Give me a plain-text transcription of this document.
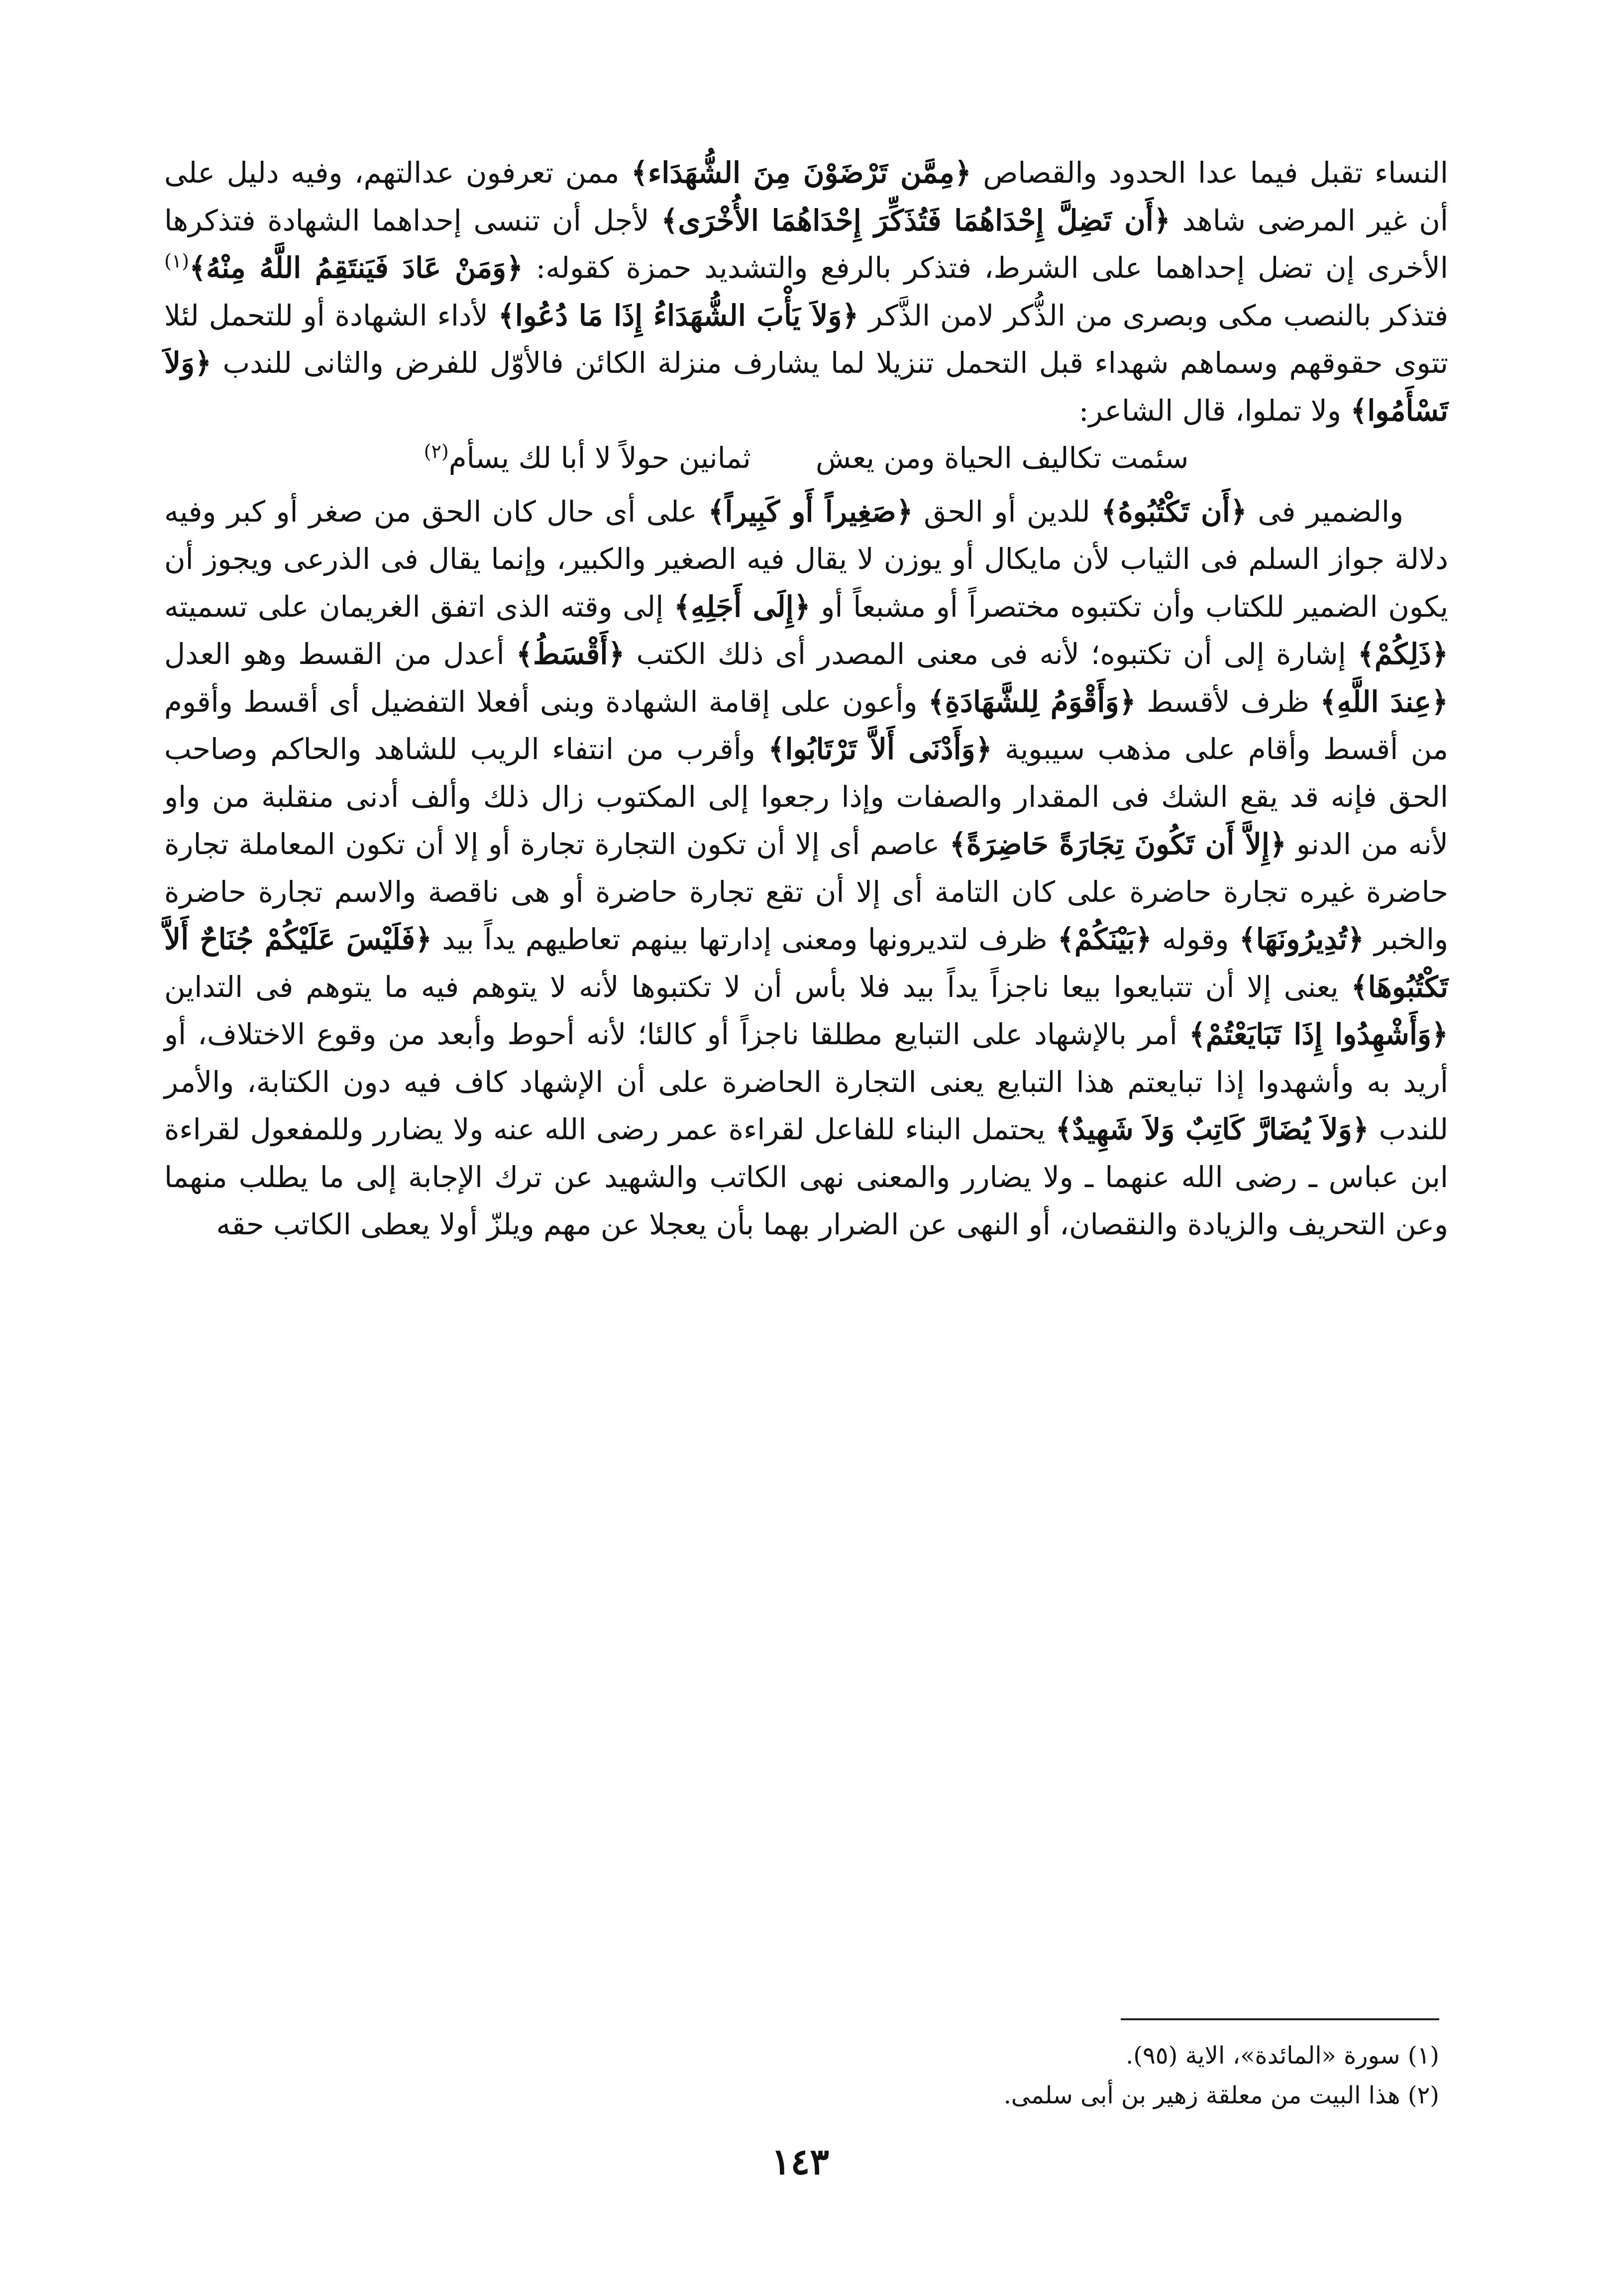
النساء تقبل فيما عدا الحدود والقصاص ﴿مِمَّن تَرْضَوْنَ مِنَ الشُّهَدَاء﴾ ممن تعرفون عدالتهم، وفيه دليل على أن غير المرضى شاهد ﴿أَن تَضِلَّ إِحْدَاهُمَا فَتُذَكِّرَ إِحْدَاهُمَا الأُخْرَى﴾ لأجل أن تنسى إحداهما الشهادة فتذكرها الأخرى إن تضل إحداهما على الشرط، فتذكر بالرفع والتشديد حمزة كقوله: ﴿وَمَنْ عَادَ فَيَنتَقِمُ اللَّهُ مِنْهُ﴾$^{(١)}$ فتذكر بالنصب مكى وبصرى من الذُّكر لامن الذَّكر ﴿وَلاَ يَأْبَ الشُّهَدَاءُ إِذَا مَا دُعُوا﴾ لأداء الشهادة أو للتحمل لئلا تتوى حقوقهم وسماهم شهداء قبل التحمل تنزيلا لما يشارف منزلة الكائن فالأوّل للفرض والثانى للندب ﴿وَلاَ تَسْأَمُوا﴾ ولا تملوا، قال الشاعر:

سئمت تكاليف الحياة ومن يعش
ثمانين حولاً لا أبا لك يسأم(٢)

والضمير فى ﴿أَن تَكْتُبُوهُ﴾ للدين أو الحق ﴿صَغِيراً أَو كَبِيراً﴾ على أى حال كان الحق من صغر أو كبر وفيه دلالة جواز السلم فى الثياب لأن مايكال أو يوزن لا يقال فيه الصغير والكبير، وإنما يقال فى الذرعى ويجوز أن يكون الضمير للكتاب وأن تكتبوه مختصراً أو مشبعاً أو ﴿إِلَى أَجَلِهِ﴾ إلى وقته الذى اتفق الغريمان على تسميته ﴿ذَلِكُمْ﴾ إشارة إلى أن تكتبوه؛ لأنه فى معنى المصدر أى ذلك الكتب ﴿أَقْسَطُ﴾ أعدل من القسط وهو العدل ﴿عِندَ اللَّهِ﴾ ظرف لأقسط ﴿وَأَقْوَمُ لِلشَّهَادَةِ﴾ وأعون على إقامة الشهادة وبنى أفعلا التفضيل أى أقسط وأقوم من أقسط وأقام على مذهب سيبوية ﴿وَأَدْنَى أَلاَّ تَرْتَابُوا﴾ وأقرب من انتفاء الريب للشاهد والحاكم وصاحب الحق فإنه قد يقع الشك فى المقدار والصفات وإذا رجعوا إلى المكتوب زال ذلك وألف أدنى منقلبة من واو لأنه من الدنو ﴿إِلاَّ أَن تَكُونَ تِجَارَةً حَاضِرَةً﴾ عاصم أى إلا أن تكون التجارة تجارة أو إلا أن تكون المعاملة تجارة حاضرة غيره تجارة حاضرة على كان التامة أى إلا أن تقع تجارة حاضرة أو هى ناقصة والاسم تجارة حاضرة والخبر ﴿تُدِيرُونَهَا﴾ وقوله ﴿بَيْنَكُمْ﴾ ظرف لتديرونها ومعنى إدارتها بينهم تعاطيهم يداً بيد ﴿فَلَيْسَ عَلَيْكُمْ جُنَاحٌ أَلاَّ تَكْتُبُوهَا﴾ يعنى إلا أن تتبايعوا بيعا ناجزاً يداً بيد فلا بأس أن لا تكتبوها لأنه لا يتوهم فيه ما يتوهم فى التداين ﴿وَأَشْهِدُوا إِذَا تَبَايَعْتُمْ﴾ أمر بالإشهاد على التبايع مطلقا ناجزاً أو كالئا؛ لأنه أحوط وأبعد من وقوع الاختلاف، أو أريد به وأشهدوا إذا تبايعتم هذا التبايع يعنى التجارة الحاضرة على أن الإشهاد كاف فيه دون الكتابة، والأمر للندب ﴿وَلاَ يُضَارَّ كَاتِبٌ وَلاَ شَهِيدٌ﴾ يحتمل البناء للفاعل لقراءة عمر رضى الله عنه ولا يضارر وللمفعول لقراءة ابن عباس ـ رضى الله عنهما ـ ولا يضارر والمعنى نهى الكاتب والشهيد عن ترك الإجابة إلى ما يطلب منهما وعن التحريف والزيادة والنقصان، أو النهى عن الضرار بهما بأن يعجلا عن مهم ويلزّ أولا يعطى الكاتب حقه

(١) سورة «المائدة»، الاية (٩٥).

(٢) هذا البيت من معلقة زهير بن أبى سلمى.

١٤٣
